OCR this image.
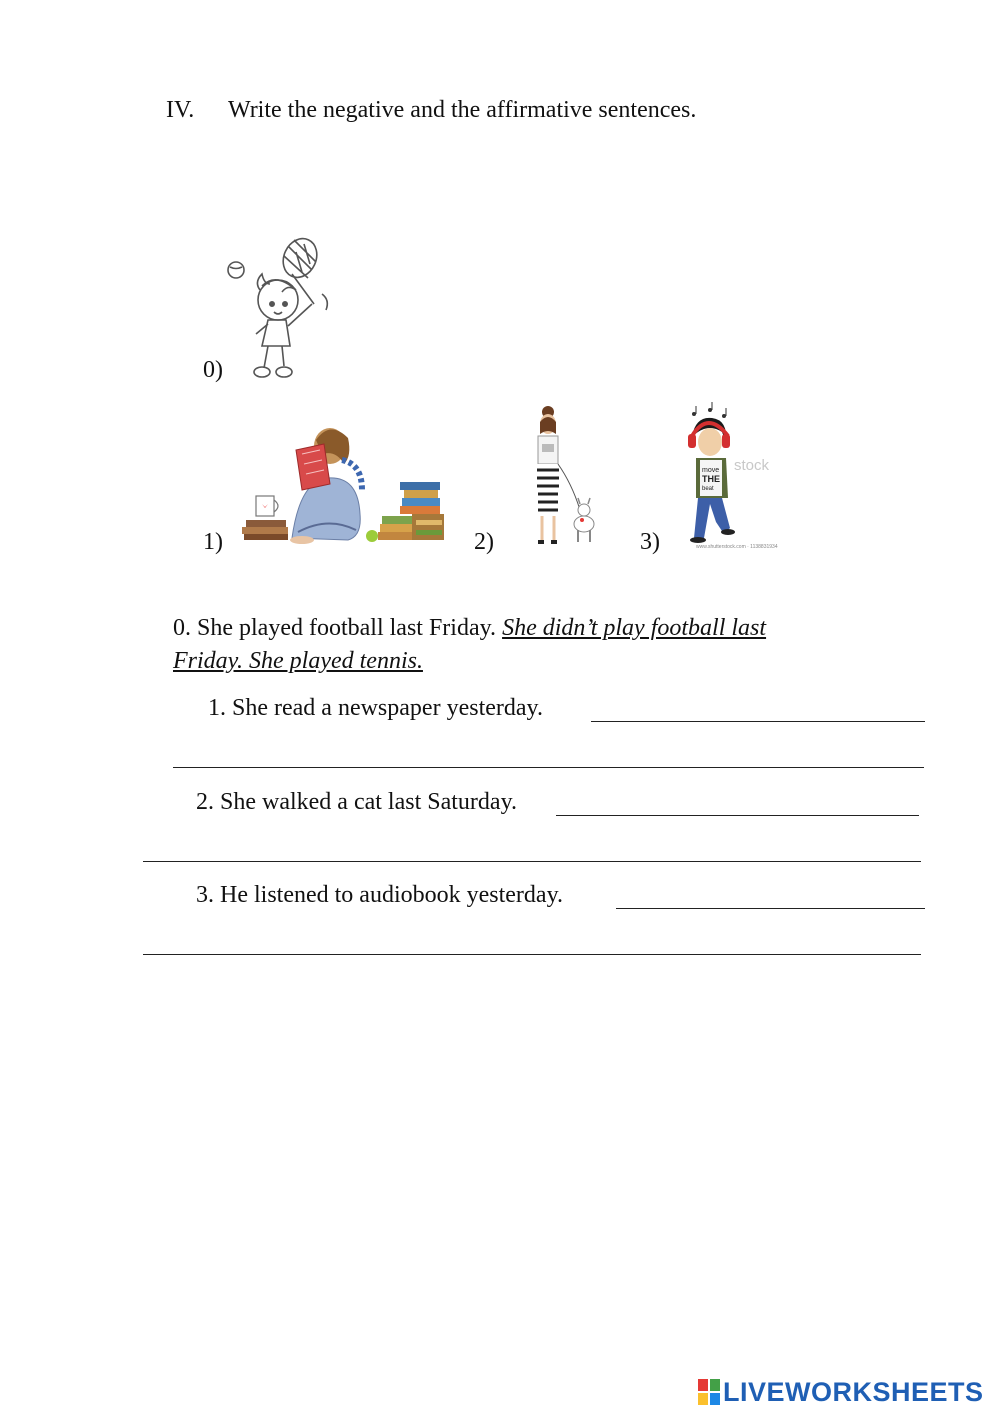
IV. Write the negative and the affirmative sentences.
0)
1)	2)	3)
move
THE
beat
stock
www.shutterstock.com · 1138831934
0. She played football last Friday. She didn’t play football last
Friday. She played tennis.
1. She read a newspaper yesterday.
2. She walked a cat last Saturday.
3. He listened to audiobook yesterday.
LIVEWORKSHEETS
